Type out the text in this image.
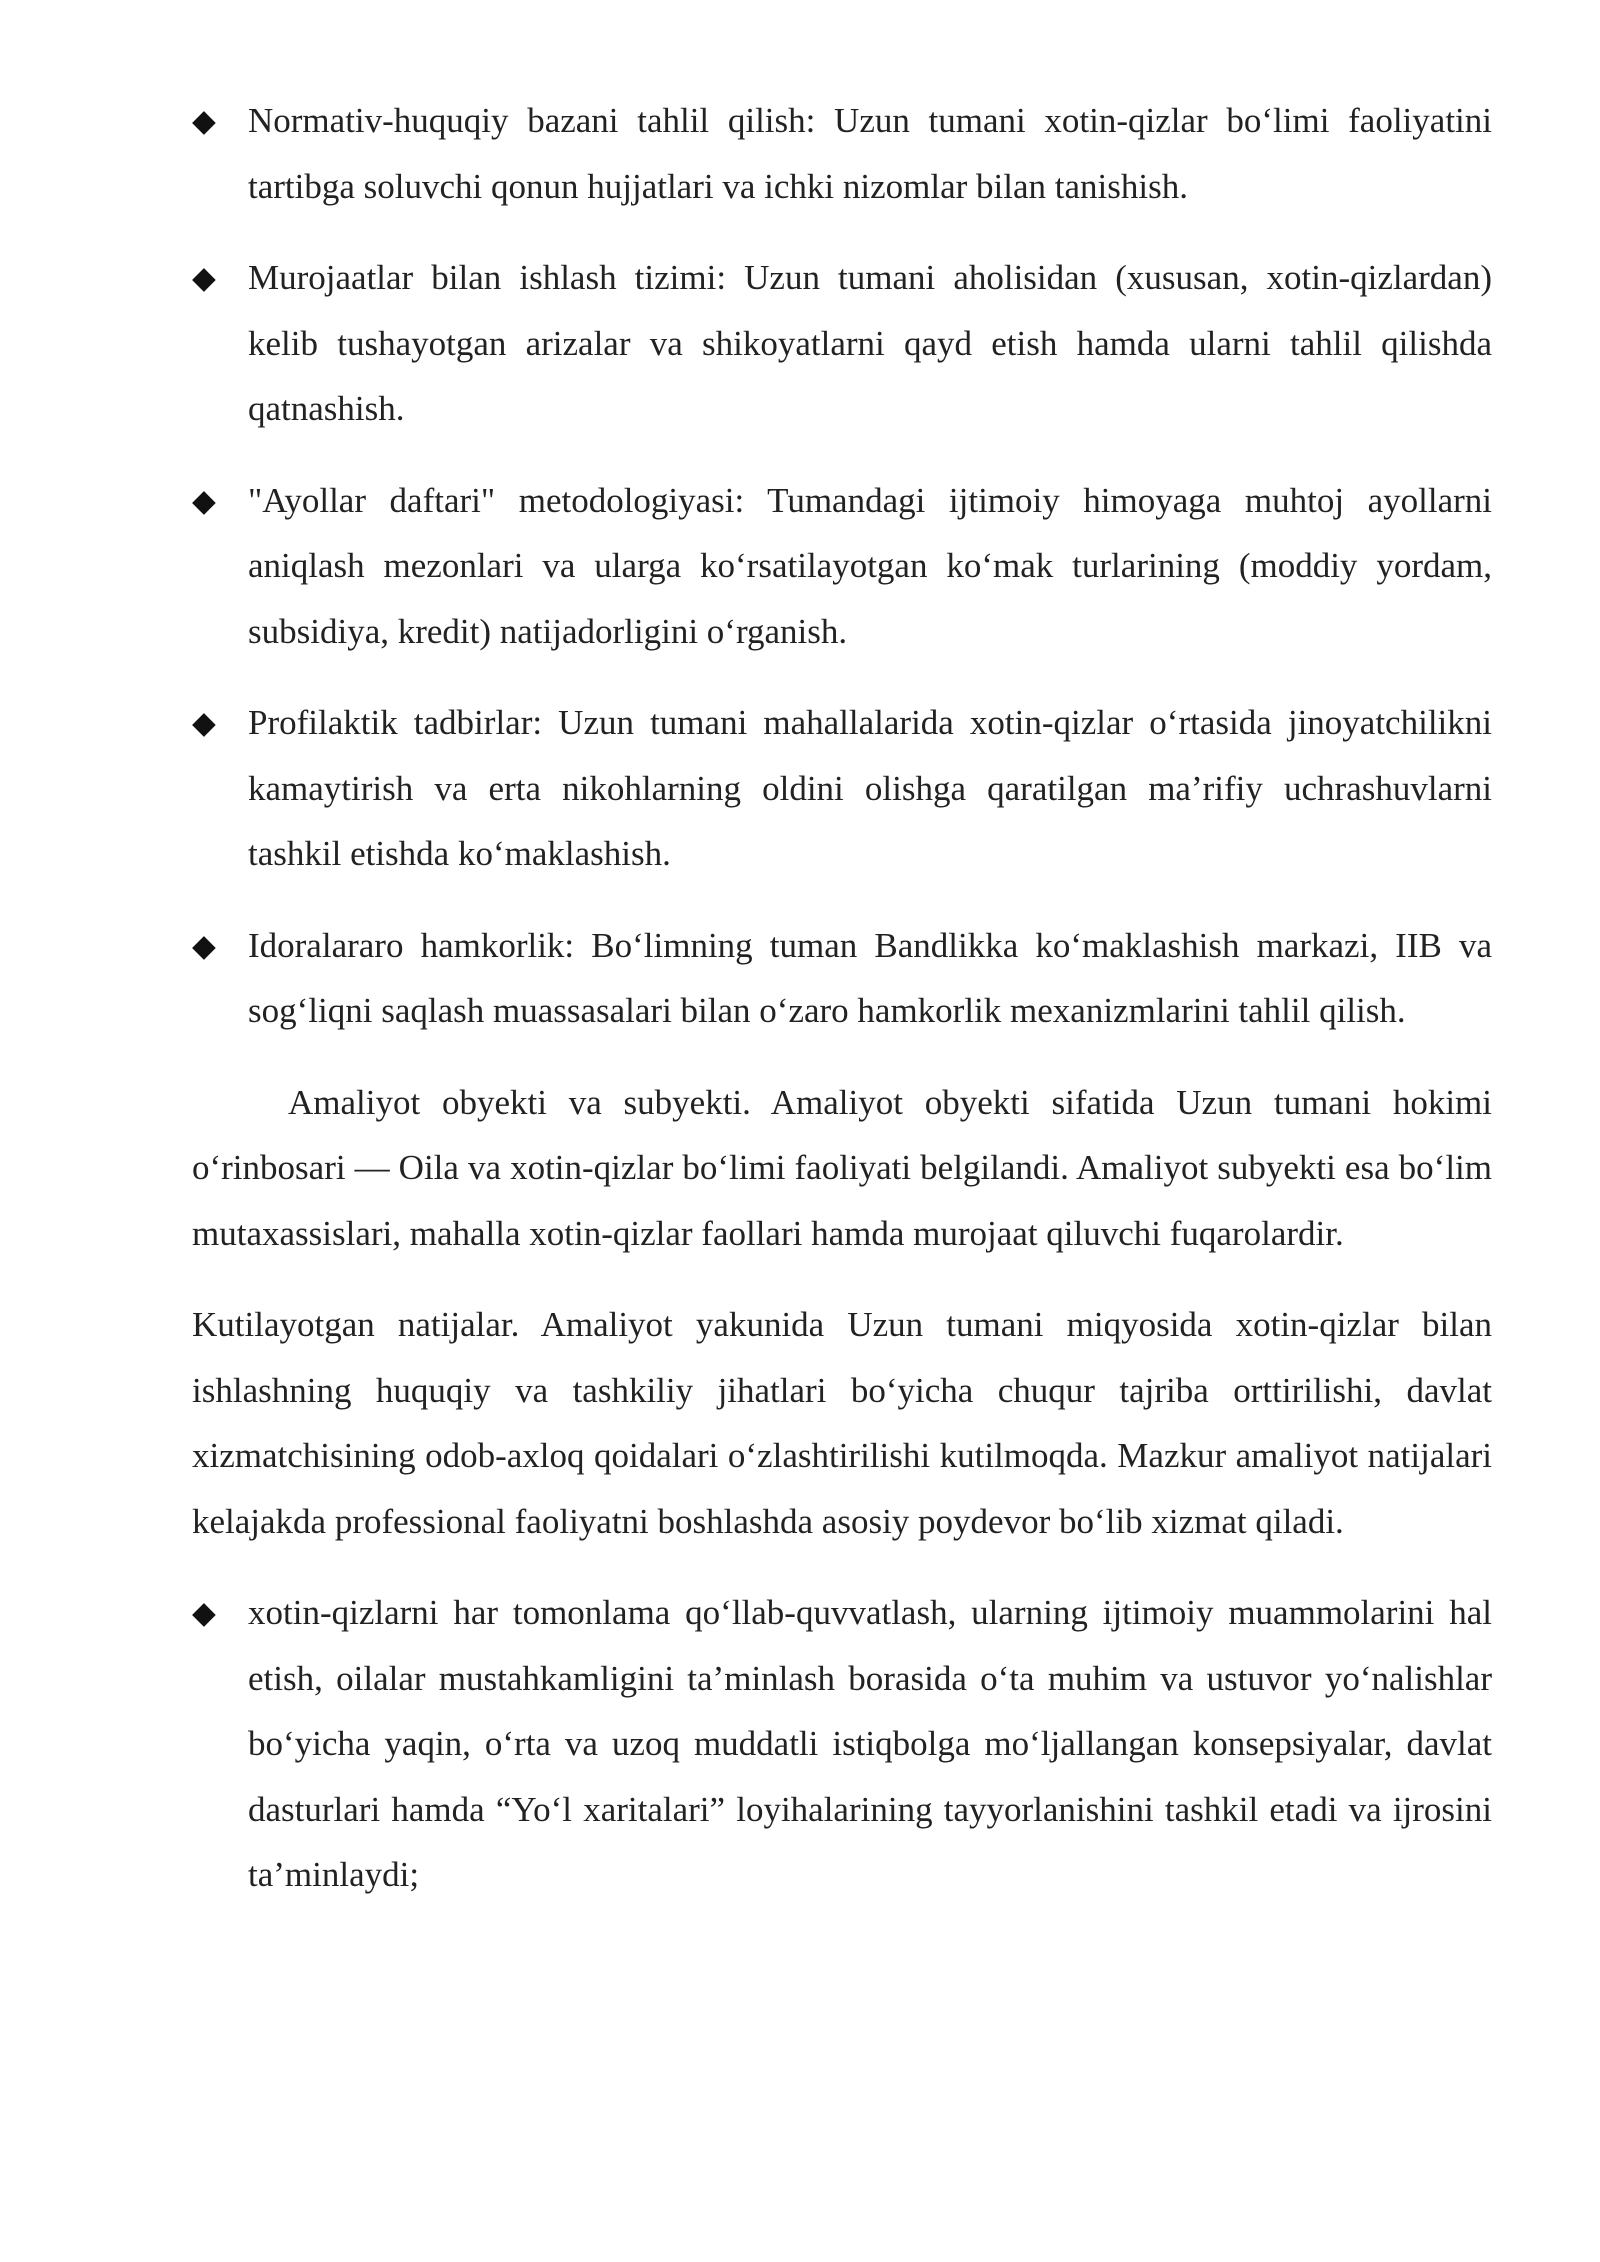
◆ Normativ-huquqiy bazani tahlil qilish: Uzun tumani xotin-qizlar bo‘limi faoliyatini tartibga soluvchi qonun hujjatlari va ichki nizomlar bilan tanishish.
◆ Murojaatlar bilan ishlash tizimi: Uzun tumani aholisidan (xususan, xotin-qizlardan) kelib tushayotgan arizalar va shikoyatlarni qayd etish hamda ularni tahlil qilishda qatnashish.
◆ "Ayollar daftari" metodologiyasi: Tumandagi ijtimoiy himoyaga muhtoj ayollarni aniqlash mezonlari va ularga ko‘rsatilayotgan ko‘mak turlarining (moddiy yordam, subsidiya, kredit) natijadorligini o‘rganish.
◆ Profilaktik tadbirlar: Uzun tumani mahallalarida xotin-qizlar o‘rtasida jinoyatchilikni kamaytirish va erta nikohlarning oldini olishga qaratilgan ma’rifiy uchrashuvlarni tashkil etishda ko‘maklashish.
◆ Idoralararo hamkorlik: Bo‘limning tuman Bandlikka ko‘maklashish markazi, IIB va sog‘liqni saqlash muassasalari bilan o‘zaro hamkorlik mexanizmlarini tahlil qilish.

Amaliyot obyekti va subyekti. Amaliyot obyekti sifatida Uzun tumani hokimi o‘rinbosari — Oila va xotin-qizlar bo‘limi faoliyati belgilandi. Amaliyot subyekti esa bo‘lim mutaxassislari, mahalla xotin-qizlar faollari hamda murojaat qiluvchi fuqarolardir.

Kutilayotgan natijalar. Amaliyot yakunida Uzun tumani miqyosida xotin-qizlar bilan ishlashning huquqiy va tashkiliy jihatlari bo‘yicha chuqur tajriba orttirilishi, davlat xizmatchisining odob-axloq qoidalari o‘zlashtirilishi kutilmoqda. Mazkur amaliyot natijalari kelajakda professional faoliyatni boshlashda asosiy poydevor bo‘lib xizmat qiladi.

◆ xotin-qizlarni har tomonlama qo‘llab-quvvatlash, ularning ijtimoiy muammolarini hal etish, oilalar mustahkamligini ta’minlash borasida o‘ta muhim va ustuvor yo‘nalishlar bo‘yicha yaqin, o‘rta va uzoq muddatli istiqbolga mo‘ljallangan konsepsiyalar, davlat dasturlari hamda “Yo‘l xaritalari” loyihalarining tayyorlanishini tashkil etadi va ijrosini ta’minlaydi;
